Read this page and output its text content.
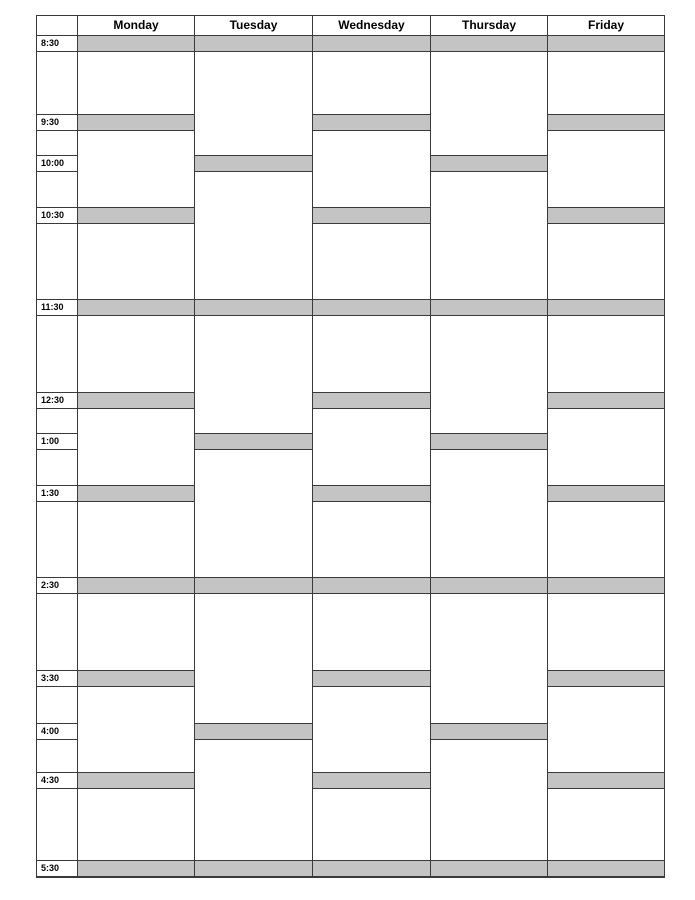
Monday	Tuesday	Wednesday	Thursday	Friday
8:30
9:30
10:00
10:30
11:30
12:30
1:00
1:30
2:30
3:30
4:00
4:30
5:30
